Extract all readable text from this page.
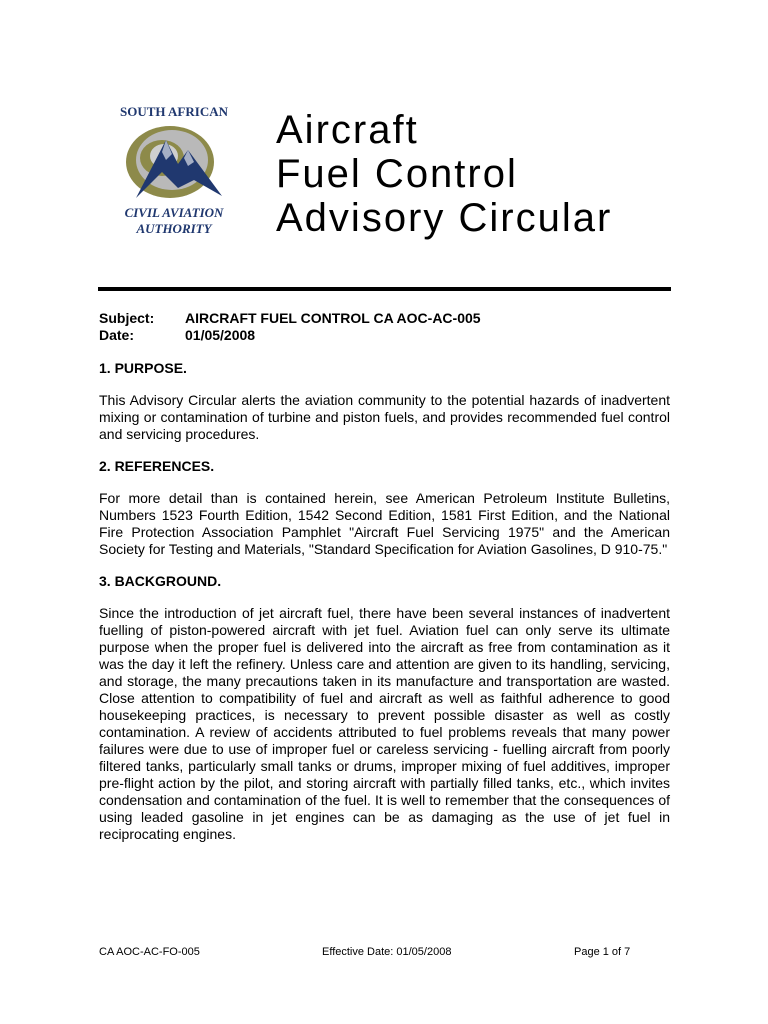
SOUTH AFRICAN
CIVIL AVIATION
AUTHORITY
Aircraft
Fuel Control
Advisory Circular
Subject:	AIRCRAFT FUEL CONTROL CA AOC-AC-005
Date:	01/05/2008
1. PURPOSE.
This Advisory Circular alerts the aviation community to the potential hazards of inadvertent mixing or contamination of turbine and piston fuels, and provides recommended fuel control and servicing procedures.
2. REFERENCES.
For more detail than is contained herein, see American Petroleum Institute Bulletins, Numbers 1523 Fourth Edition, 1542 Second Edition, 1581 First Edition, and the National Fire Protection Association Pamphlet "Aircraft Fuel Servicing 1975" and the American Society for Testing and Materials, "Standard Specification for Aviation Gasolines, D 910-75."
3. BACKGROUND.
Since the introduction of jet aircraft fuel, there have been several instances of inadvertent fuelling of piston-powered aircraft with jet fuel. Aviation fuel can only serve its ultimate purpose when the proper fuel is delivered into the aircraft as free from contamination as it was the day it left the refinery. Unless care and attention are given to its handling, servicing, and storage, the many precautions taken in its manufacture and transportation are wasted. Close attention to compatibility of fuel and aircraft as well as faithful adherence to good housekeeping practices, is necessary to prevent possible disaster as well as costly contamination. A review of accidents attributed to fuel problems reveals that many power failures were due to use of improper fuel or careless servicing - fuelling aircraft from poorly filtered tanks, particularly small tanks or drums, improper mixing of fuel additives, improper pre-flight action by the pilot, and storing aircraft with partially filled tanks, etc., which invites condensation and contamination of the fuel. It is well to remember that the consequences of using leaded gasoline in jet engines can be as damaging as the use of jet fuel in reciprocating engines.
CA AOC-AC-FO-005	Effective Date: 01/05/2008	Page 1 of 7
